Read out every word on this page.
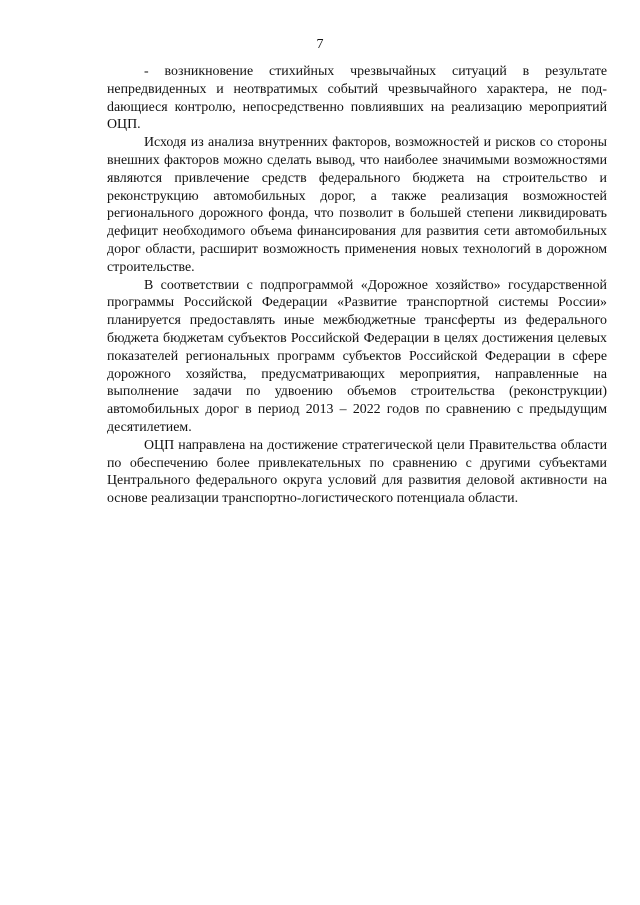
7

- возникновение стихийных чрезвычайных ситуаций в результате непредвиденных и неотвратимых событий чрезвычайного характера, не подdающиеся контролю, непосредственно повлиявших на реализацию мероприятий ОЦП.

Исходя из анализа внутренних факторов, возможностей и рисков со стороны внешних факторов можно сделать вывод, что наиболее значимыми возможностями являются привлечение средств федерального бюджета на строительство и реконструкцию автомобильных дорог, а также реализация возможностей регионального дорожного фонда, что позволит в большей степени ликвидировать дефицит необходимого объема финансирования для развития сети автомобильных дорог области, расширит возможность применения новых технологий в дорожном строительстве.

В соответствии с подпрограммой «Дорожное хозяйство» государственной программы Российской Федерации «Развитие транспортной системы России» планируется предоставлять иные межбюджетные трансферты из федерального бюджета бюджетам субъектов Российской Федерации в целях достижения целевых показателей региональных программ субъектов Российской Федерации в сфере дорожного хозяйства, предусматривающих мероприятия, направленные на выполнение задачи по удвоению объемов строительства (реконструкции) автомобильных дорог в период 2013 – 2022 годов по сравнению с предыдущим десятилетием.

ОЦП направлена на достижение стратегической цели Правительства области по обеспечению более привлекательных по сравнению с другими субъектами Центрального федерального округа условий для развития деловой активности на основе реализации транспортно-логистического потенциала области.
